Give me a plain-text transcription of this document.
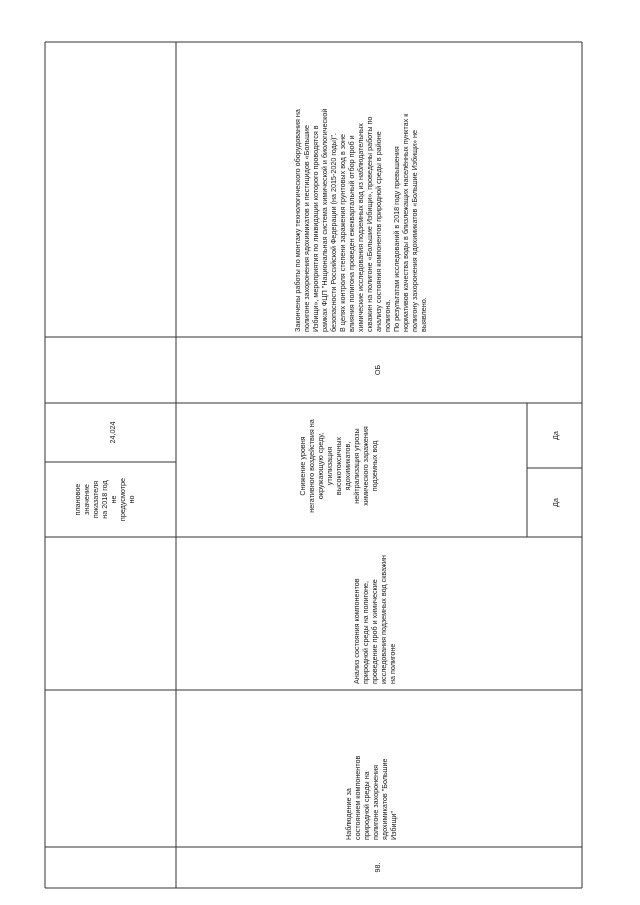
плановое
значение
показателя
на 2018 год
не
предусмотре
но
24,024
98.
Наблюдение за
состоянием компонентов
природной среды на
полигоне захоронения
ядохимикатов "Большие
Избищи"
Анализ состояния компонентов
природной среды на полигоне,
проведение проб и химические
исследования подземных вод скважин
на полигоне
Снижение уровня
негативного воздействия на
окружающую среду,
утилизация
высокотоксичных
ядохимикатов,
нейтрализация угрозы
химического заражения
подземных вод
Да
Да
ОБ
Закончены работы по монтажу технологического оборудования на
полигоне захоронения ядохимикатов и пестицидов «Большие
Избищи», мероприятия по ликвидации которого проводятся в
рамках ФЦП "Национальная система химической и биологической
безопасности Российской Федерации (на 2015-2020 годы)".
В целях контроля степени заражения грунтовых вод в зоне
влияния полигона проведен ежеквартальный отбор проб и
химические исследования подземных вод из наблюдательных
скважин на полигоне «Большие Избищи», проведены работы по
анализу состояния компонентов природной среды в районе
полигона.
По результатам исследований в 2018 году превышения
нормативов качества воды в близлежащих населённых пунктах к
полигону захоронения ядохимикатов «Большие Избищи» не
выявлено.
